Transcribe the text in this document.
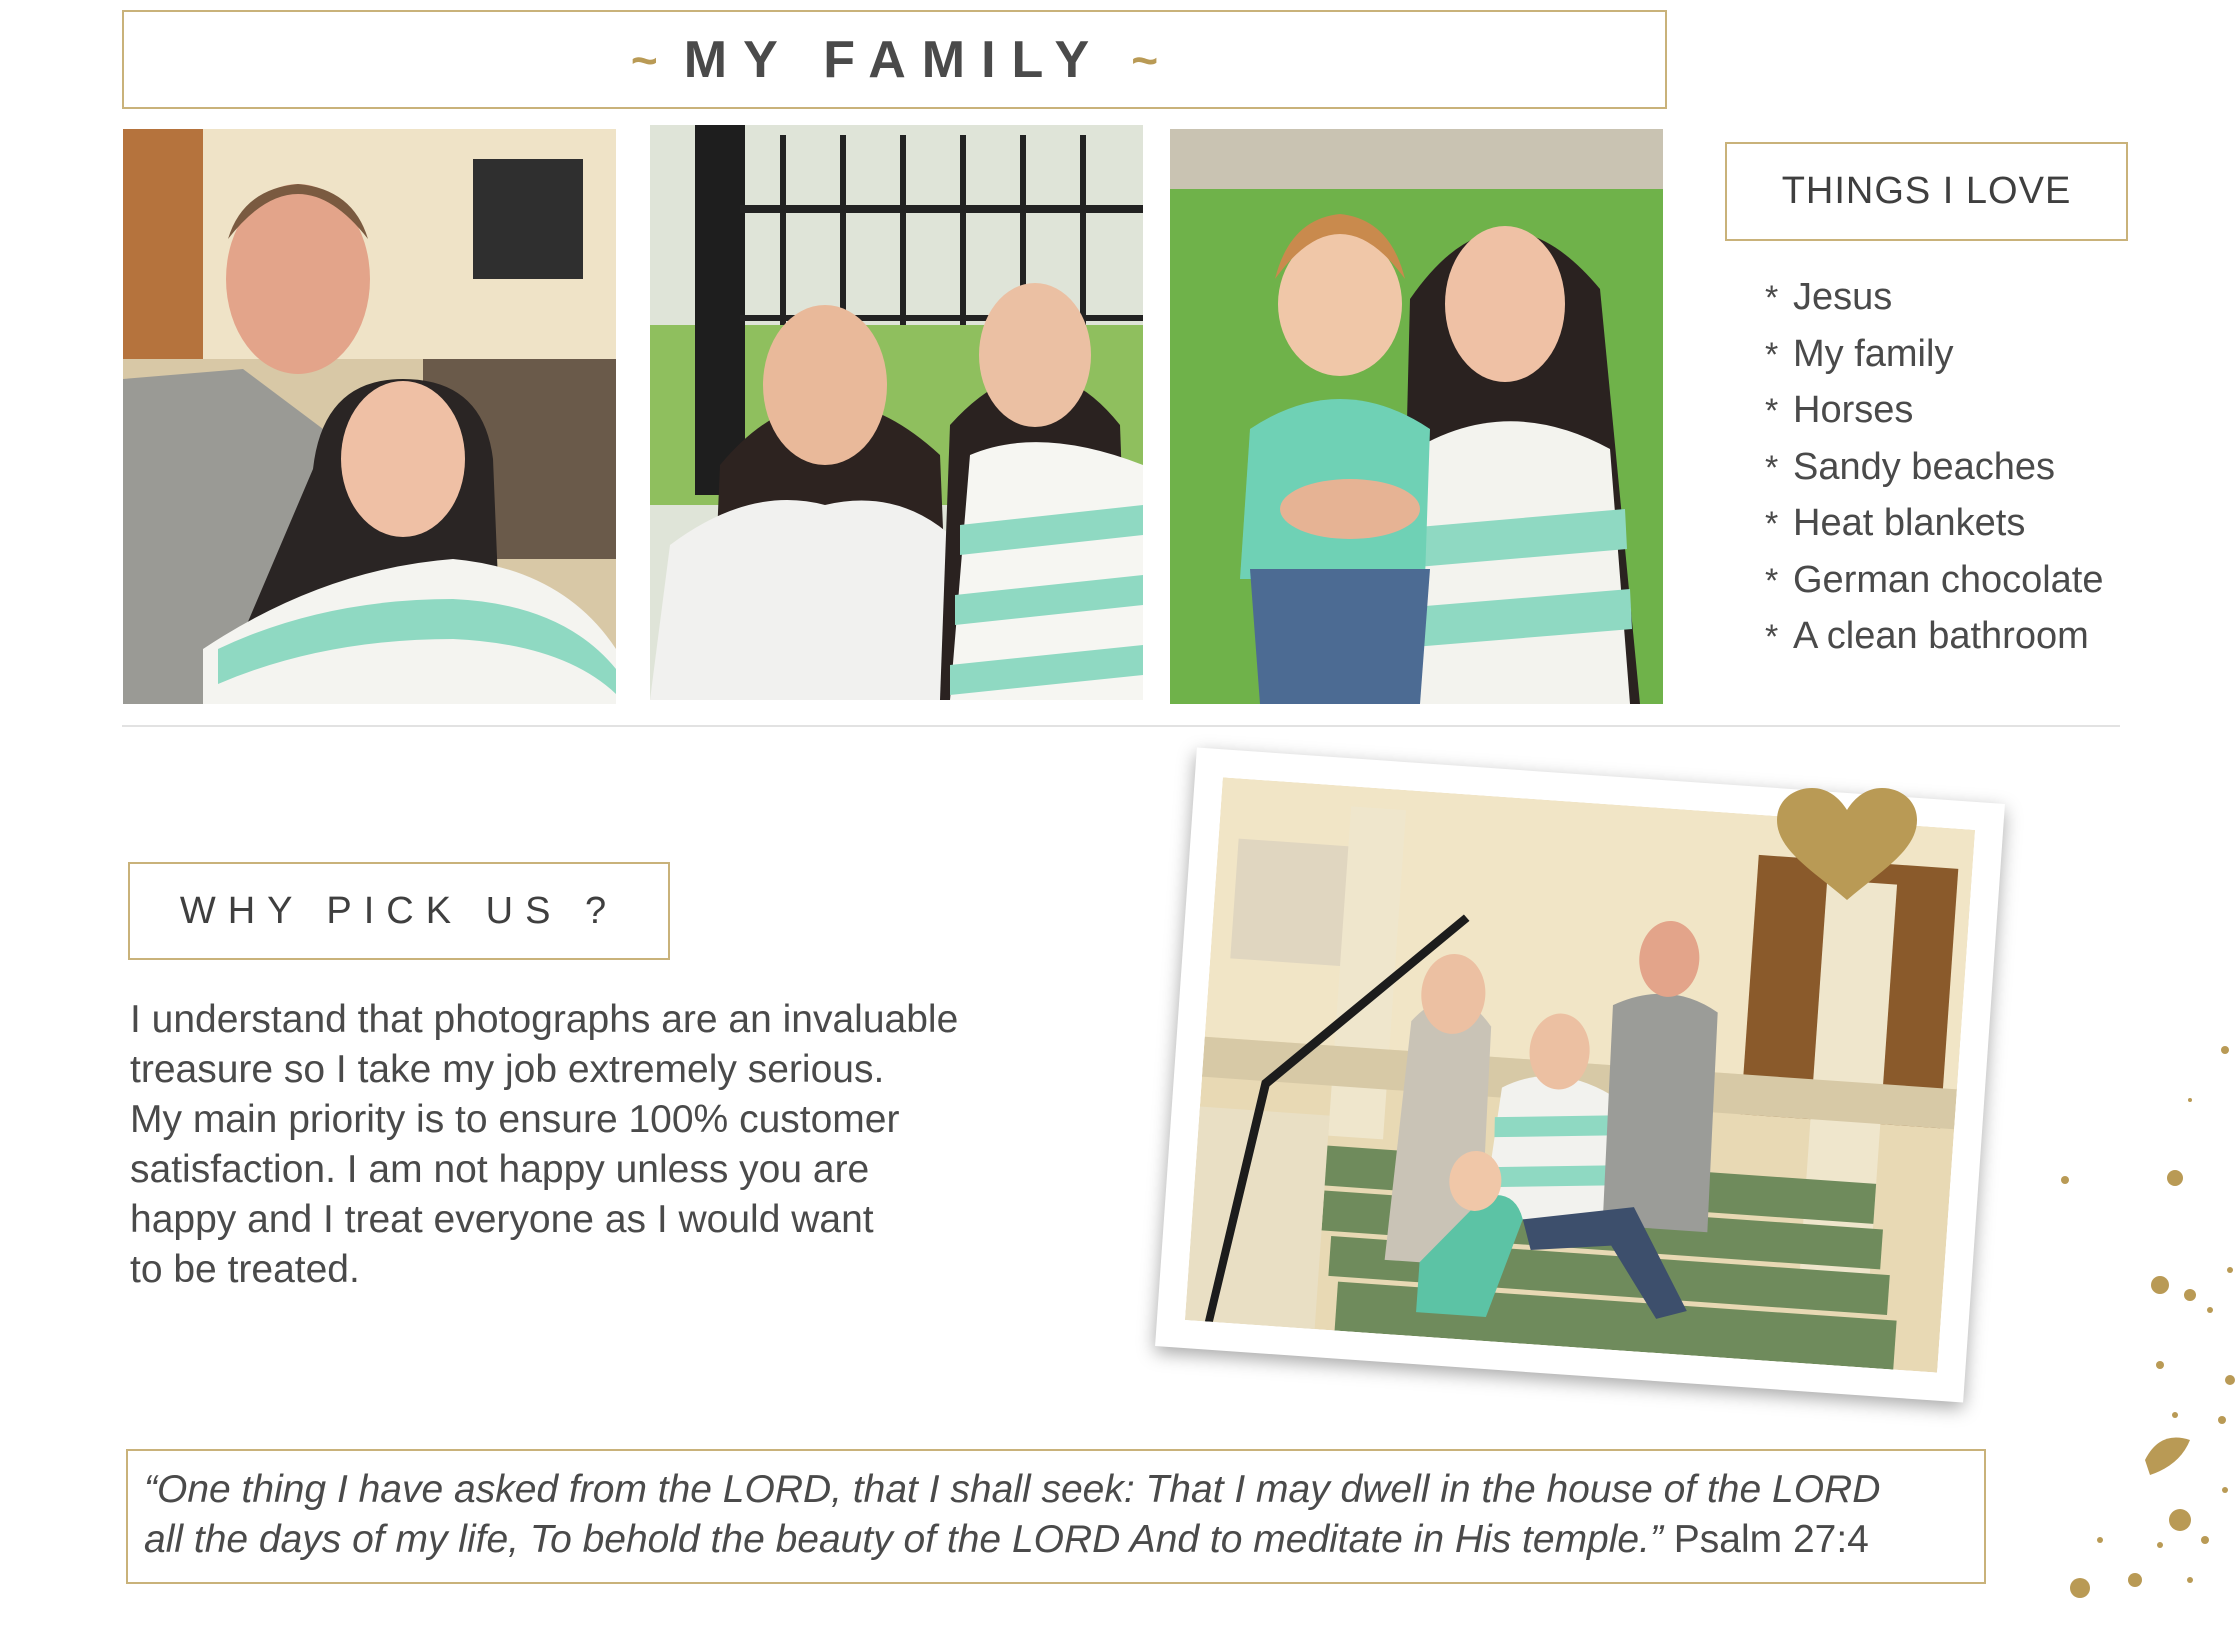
~ MY FAMILY ~
THINGS I LOVE
* Jesus
* My family
* Horses
* Sandy beaches
* Heat blankets
* German chocolate
* A clean bathroom
WHY PICK US ?
I understand that photographs are an invaluable
treasure so I take my job extremely serious.
My main priority is to ensure 100% customer
satisfaction. I am not happy unless you are
happy and I treat everyone as I would want
to be treated.
“One thing I have asked from the LORD, that I shall seek: That I may dwell in the house of the LORD
all the days of my life, To behold the beauty of the LORD And to meditate in His temple.” Psalm 27:4
